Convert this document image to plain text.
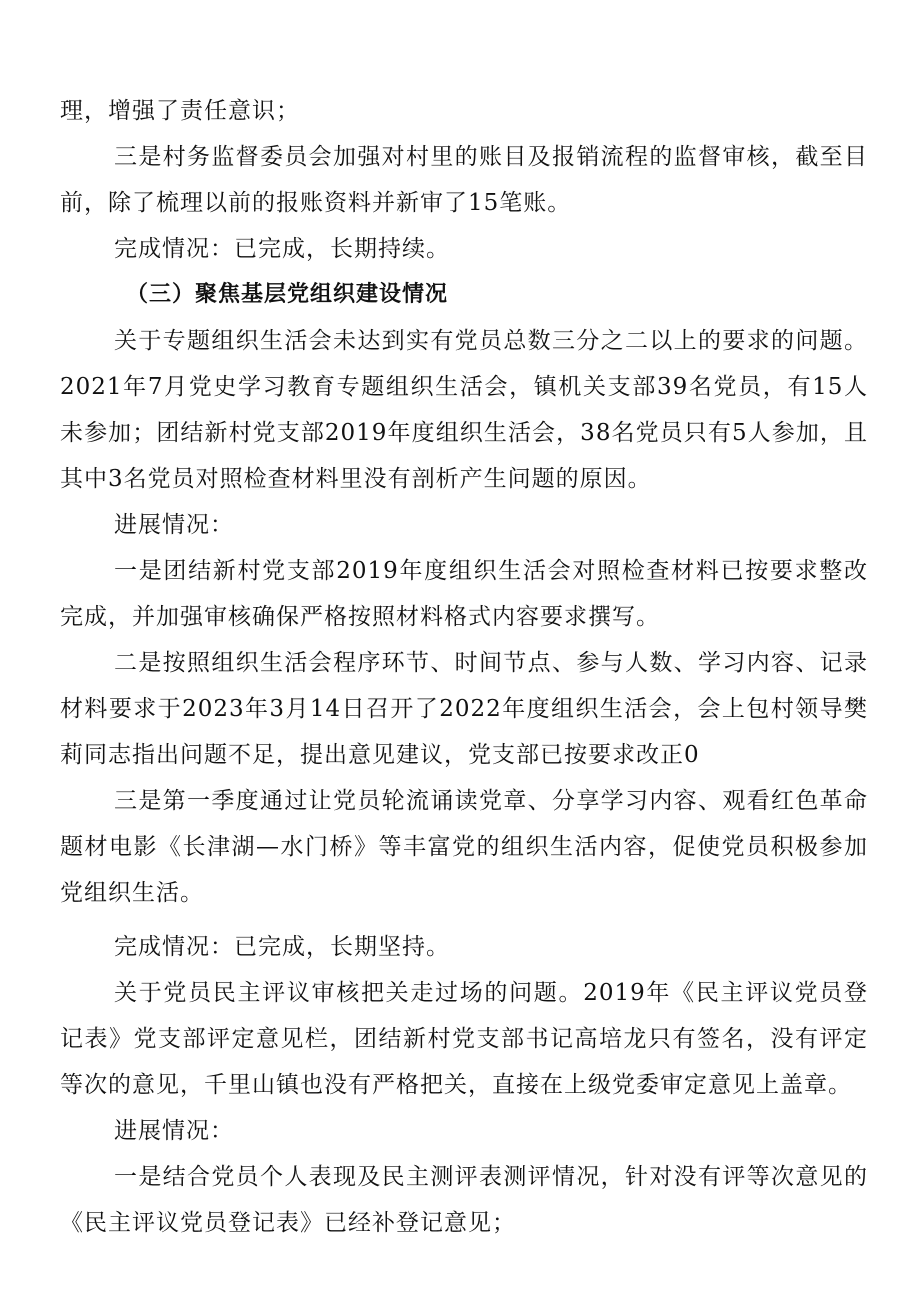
理，增强了责任意识；

三是村务监督委员会加强对村里的账目及报销流程的监督审核，截至目前，除了梳理以前的报账资料并新审了15笔账。

完成情况：已完成，长期持续。

（三）聚焦基层党组织建设情况

关于专题组织生活会未达到实有党员总数三分之二以上的要求的问题。2021年7月党史学习教育专题组织生活会，镇机关支部39名党员，有15人未参加；团结新村党支部2019年度组织生活会，38名党员只有5人参加，且其中3名党员对照检查材料里没有剖析产生问题的原因。

进展情况：

一是团结新村党支部2019年度组织生活会对照检查材料已按要求整改完成，并加强审核确保严格按照材料格式内容要求撰写。

二是按照组织生活会程序环节、时间节点、参与人数、学习内容、记录材料要求于2023年3月14日召开了2022年度组织生活会，会上包村领导樊莉同志指出问题不足，提出意见建议，党支部已按要求改正0

三是第一季度通过让党员轮流诵读党章、分享学习内容、观看红色革命题材电影《长津湖—水门桥》等丰富党的组织生活内容，促使党员积极参加党组织生活。

完成情况：已完成，长期坚持。

关于党员民主评议审核把关走过场的问题。2019年《民主评议党员登记表》党支部评定意见栏，团结新村党支部书记高培龙只有签名，没有评定等次的意见，千里山镇也没有严格把关，直接在上级党委审定意见上盖章。

进展情况：

一是结合党员个人表现及民主测评表测评情况，针对没有评等次意见的《民主评议党员登记表》已经补登记意见；
